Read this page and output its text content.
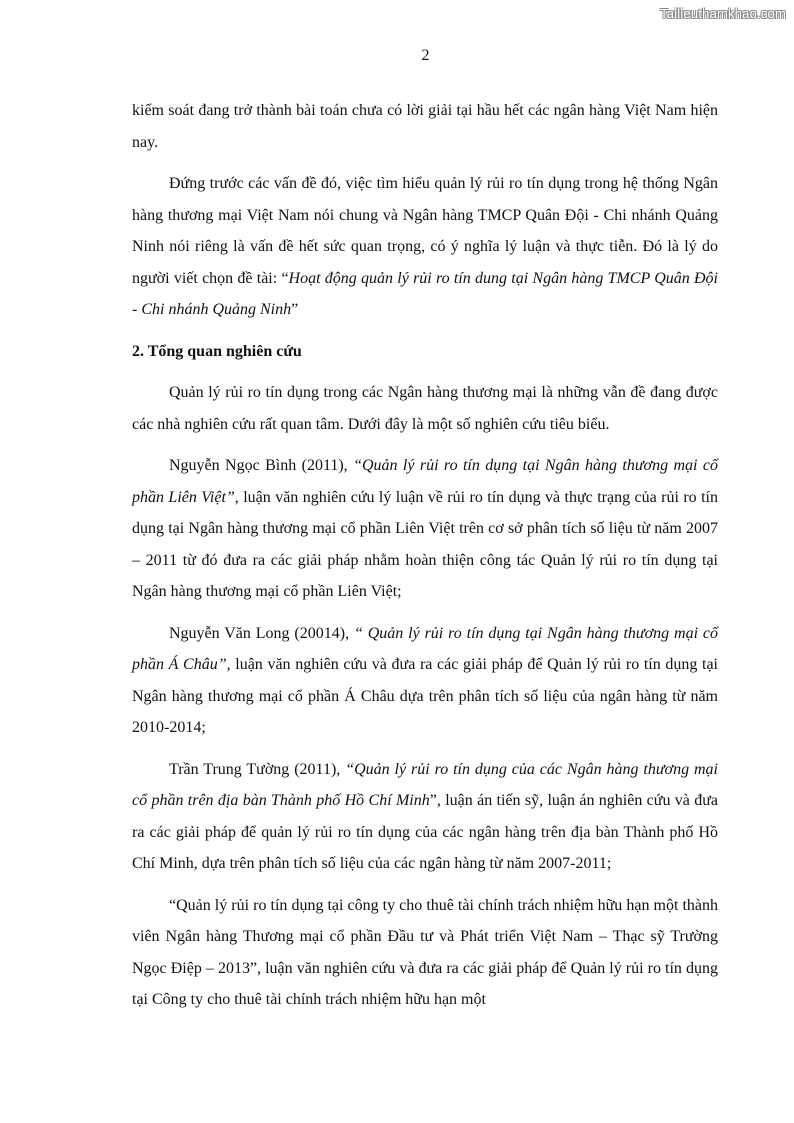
Tailieuthamkhao.com
2

kiểm soát đang trở thành bài toán chưa có lời giải tại hầu hết các ngân hàng Việt Nam hiện nay.

Đứng trước các vấn đề đó, việc tìm hiểu quản lý rủi ro tín dụng trong hệ thống Ngân hàng thương mại Việt Nam nói chung và Ngân hàng TMCP Quân Đội - Chi nhánh Quảng Ninh nói riêng là vấn đề hết sức quan trọng, có ý nghĩa lý luận và thực tiễn. Đó là lý do người viết chọn đề tài: “Hoạt động quản lý rủi ro tín dung tại Ngân hàng TMCP Quân Đội - Chi nhánh Quảng Ninh”

2. Tổng quan nghiên cứu

Quản lý rủi ro tín dụng trong các Ngân hàng thương mại là những vẫn đề đang được các nhà nghiên cứu rất quan tâm. Dưới đây là một số nghiên cứu tiêu biểu.

Nguyễn Ngọc Bình (2011), “Quản lý rủi ro tín dụng tại Ngân hàng thương mại cổ phần Liên Việt”, luận văn nghiên cứu lý luận về rủi ro tín dụng và thực trạng của rủi ro tín dụng tại Ngân hàng thương mại cổ phần Liên Việt trên cơ sở phân tích số liệu từ năm 2007 – 2011 từ đó đưa ra các giải pháp nhằm hoàn thiện công tác Quản lý rủi ro tín dụng tại Ngân hàng thương mại cổ phần Liên Việt;

Nguyễn Văn Long (20014), “ Quản lý rủi ro tín dụng tại Ngân hàng thương mại cổ phần Á Châu”, luận văn nghiên cứu và đưa ra các giải pháp để Quản lý rủi ro tín dụng tại Ngân hàng thương mại cổ phần Á Châu dựa trên phân tích số liệu của ngân hàng từ năm 2010-2014;

Trần Trung Tường (2011), “Quản lý rủi ro tín dụng của các Ngân hàng thương mại cổ phần trên địa bàn Thành phố Hồ Chí Minh”, luận án tiến sỹ, luận án nghiên cứu và đưa ra các giải pháp để quản lý rủi ro tín dụng của các ngân hàng trên địa bàn Thành phố Hồ Chí Minh, dựa trên phân tích số liệu của các ngân hàng từ năm 2007-2011;

“Quản lý rủi ro tín dụng tại công ty cho thuê tài chính trách nhiệm hữu hạn một thành viên Ngân hàng Thương mại cổ phần Đầu tư và Phát triển Việt Nam – Thạc sỹ Trường Ngọc Điệp – 2013”, luận văn nghiên cứu và đưa ra các giải pháp để Quản lý rủi ro tín dụng tại Công ty cho thuê tài chính trách nhiệm hữu hạn một
